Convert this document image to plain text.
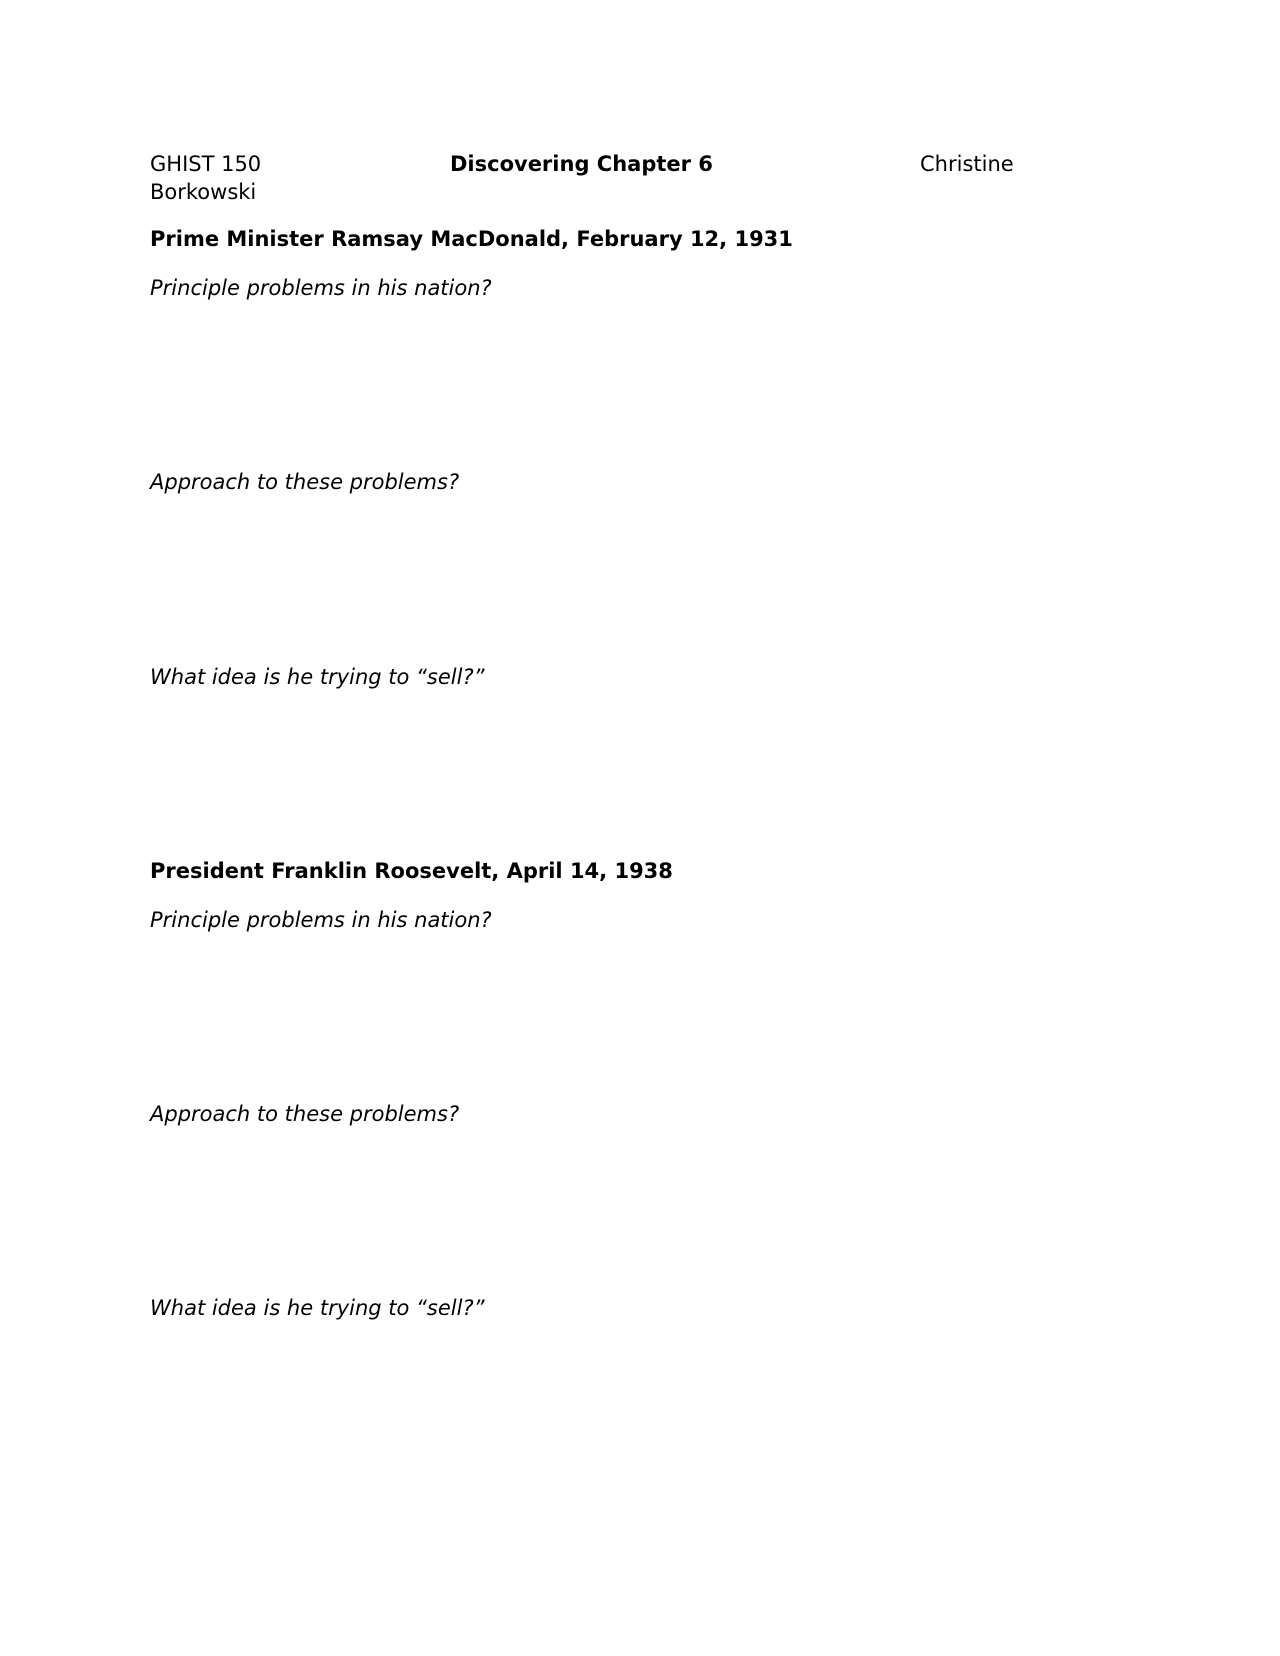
GHIST 150

	Discovering Chapter 6

	Christine

Borkowski
Prime Minister Ramsay MacDonald, February 12, 1931
Principle problems in his nation?
Approach to these problems?
What idea is he trying to “sell?”
President Franklin Roosevelt, April 14, 1938
Principle problems in his nation?
Approach to these problems?
What idea is he trying to “sell?”
